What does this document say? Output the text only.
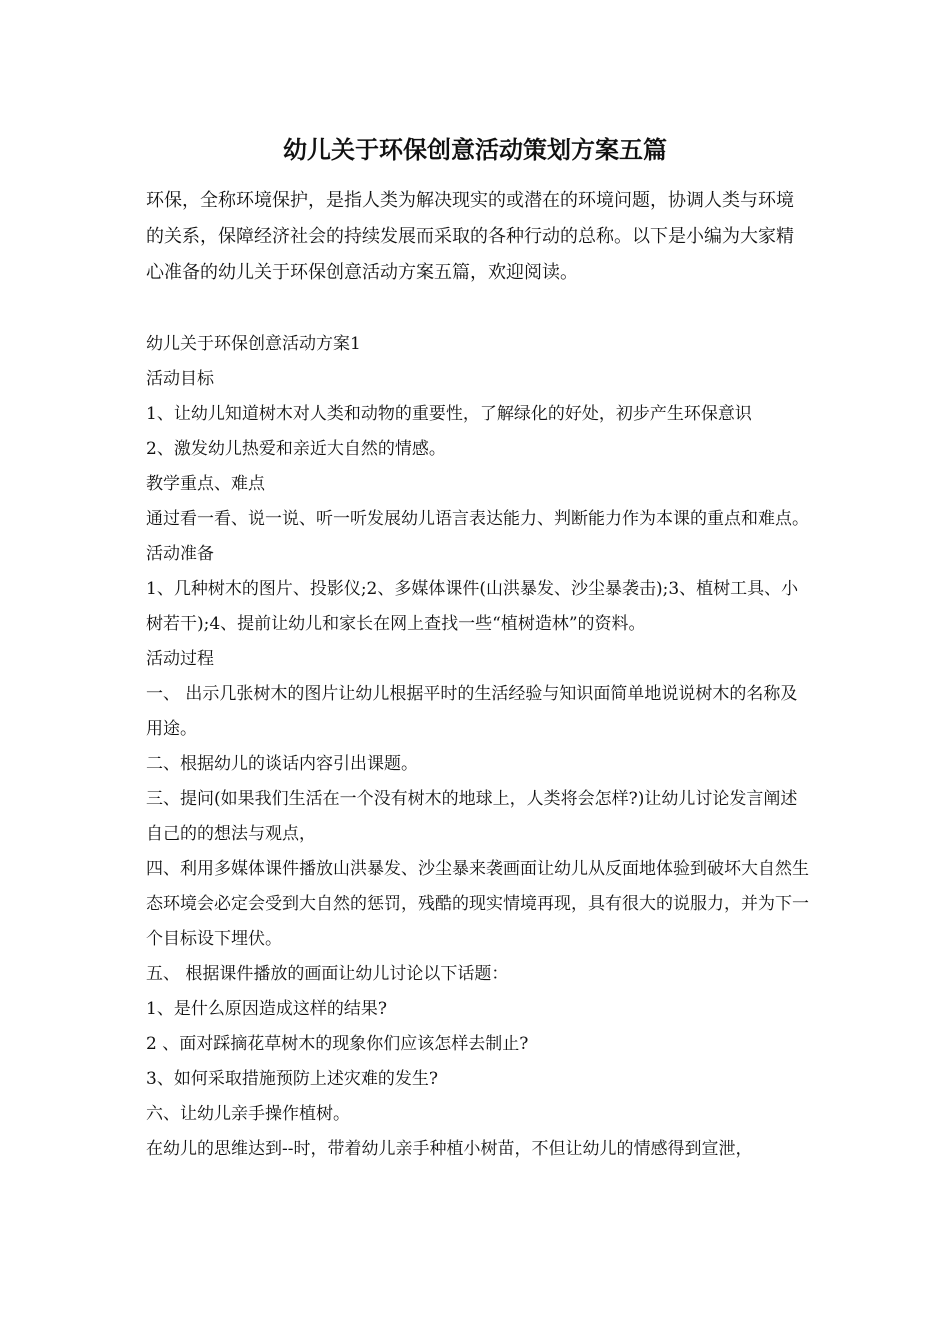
幼儿关于环保创意活动策划方案五篇

环保，全称环境保护，是指人类为解决现实的或潜在的环境问题，协调人类与环境的关系，保障经济社会的持续发展而采取的各种行动的总称。以下是小编为大家精心准备的幼儿关于环保创意活动方案五篇，欢迎阅读。

幼儿关于环保创意活动方案1

活动目标

1、让幼儿知道树木对人类和动物的重要性，了解绿化的好处，初步产生环保意识

2、激发幼儿热爱和亲近大自然的情感。

教学重点、难点

通过看一看、说一说、听一听发展幼儿语言表达能力、判断能力作为本课的重点和难点。

活动准备

1、几种树木的图片、投影仪;2、多媒体课件(山洪暴发、沙尘暴袭击);3、植树工具、小树若干);4、提前让幼儿和家长在网上查找一些“植树造林”的资料。

活动过程

一、 出示几张树木的图片让幼儿根据平时的生活经验与知识面简单地说说树木的名称及用途。

二、根据幼儿的谈话内容引出课题。

三、提问(如果我们生活在一个没有树木的地球上，人类将会怎样?)让幼儿讨论发言阐述自己的的想法与观点，

四、利用多媒体课件播放山洪暴发、沙尘暴来袭画面让幼儿从反面地体验到破坏大自然生态环境会必定会受到大自然的惩罚，残酷的现实情境再现，具有很大的说服力，并为下一个目标设下埋伏。

五、 根据课件播放的画面让幼儿讨论以下话题：

1、是什么原因造成这样的结果?

2 、面对踩摘花草树木的现象你们应该怎样去制止?

3、如何采取措施预防上述灾难的发生?

六、让幼儿亲手操作植树。

在幼儿的思维达到--时，带着幼儿亲手种植小树苗，不但让幼儿的情感得到宣泄，
